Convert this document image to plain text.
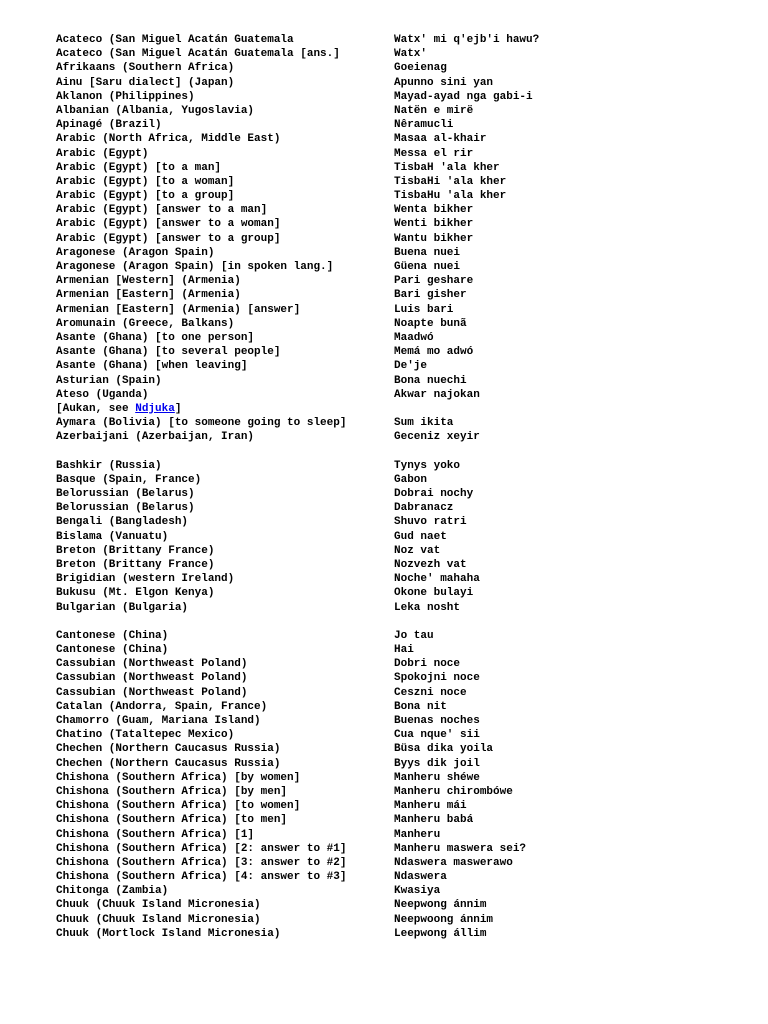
Acateco (San Miguel Acatán Guatemala	Watx' mi q'ejb'i hawu?
Acateco (San Miguel Acatán Guatemala [ans.]	Watx'
Afrikaans (Southern Africa)	Goeienag
Ainu [Saru dialect] (Japan)	Apunno sini yan
Aklanon (Philippines)	Mayad-ayad nga gabi-i
Albanian (Albania, Yugoslavia)	Natën e mirë
Apinagé (Brazil)	Nêramucli
Arabic (North Africa, Middle East)	Masaa al-khair
Arabic (Egypt)	Messa el rir
Arabic (Egypt) [to a man]	TisbaH 'ala kher
Arabic (Egypt) [to a woman]	TisbaHi 'ala kher
Arabic (Egypt) [to a group]	TisbaHu 'ala kher
Arabic (Egypt) [answer to a man]	Wenta bikher
Arabic (Egypt) [answer to a woman]	Wenti bikher
Arabic (Egypt) [answer to a group]	Wantu bikher
Aragonese (Aragon Spain)	Buena nuei
Aragonese (Aragon Spain) [in spoken lang.]	Güena nuei
Armenian [Western] (Armenia)	Pari geshare
Armenian [Eastern] (Armenia)	Bari gisher
Armenian [Eastern] (Armenia) [answer]	Luis bari
Aromunain (Greece, Balkans)	Noapte bunã
Asante (Ghana) [to one person]	Maadwó
Asante (Ghana) [to several people]	Memá mo adwó
Asante (Ghana) [when leaving]	De'je
Asturian (Spain)	Bona nuechi
Ateso (Uganda)	Akwar najokan
[Aukan, see Ndjuka]
Aymara (Bolivia) [to someone going to sleep]	Sum ikita
Azerbaijani (Azerbaijan, Iran)	Geceniz xeyir
Bashkir (Russia)	Tynys yoko
Basque (Spain, France)	Gabon
Belorussian (Belarus)	Dobrai nochy
Belorussian (Belarus)	Dabranacz
Bengali (Bangladesh)	Shuvo ratri
Bislama (Vanuatu)	Gud naet
Breton (Brittany France)	Noz vat
Breton (Brittany France)	Nozvezh vat
Brigidian (western Ireland)	Noche' mahaha
Bukusu (Mt. Elgon Kenya)	Okone bulayi
Bulgarian (Bulgaria)	Leka nosht
Cantonese (China)	Jo tau
Cantonese (China)	Hai
Cassubian (Northweast Poland)	Dobri noce
Cassubian (Northweast Poland)	Spokojni noce
Cassubian (Northweast Poland)	Ceszni noce
Catalan (Andorra, Spain, France)	Bona nit
Chamorro (Guam, Mariana Island)	Buenas noches
Chatino (Tataltepec Mexico)	Cua nque' sii
Chechen (Northern Caucasus Russia)	Büsa dika yoila
Chechen (Northern Caucasus Russia)	Byys dik joil
Chishona (Southern Africa) [by women]	Manheru shéwe
Chishona (Southern Africa) [by men]	Manheru chirombówe
Chishona (Southern Africa) [to women]	Manheru mái
Chishona (Southern Africa) [to men]	Manheru babá
Chishona (Southern Africa) [1]	Manheru
Chishona (Southern Africa) [2: answer to #1]	Manheru maswera sei?
Chishona (Southern Africa) [3: answer to #2]	Ndaswera maswerawo
Chishona (Southern Africa) [4: answer to #3]	Ndaswera
Chitonga (Zambia)	Kwasiya
Chuuk (Chuuk Island Micronesia)	Neepwong ánnim
Chuuk (Chuuk Island Micronesia)	Neepwoong ánnim
Chuuk (Mortlock Island Micronesia)	Leepwong állim
